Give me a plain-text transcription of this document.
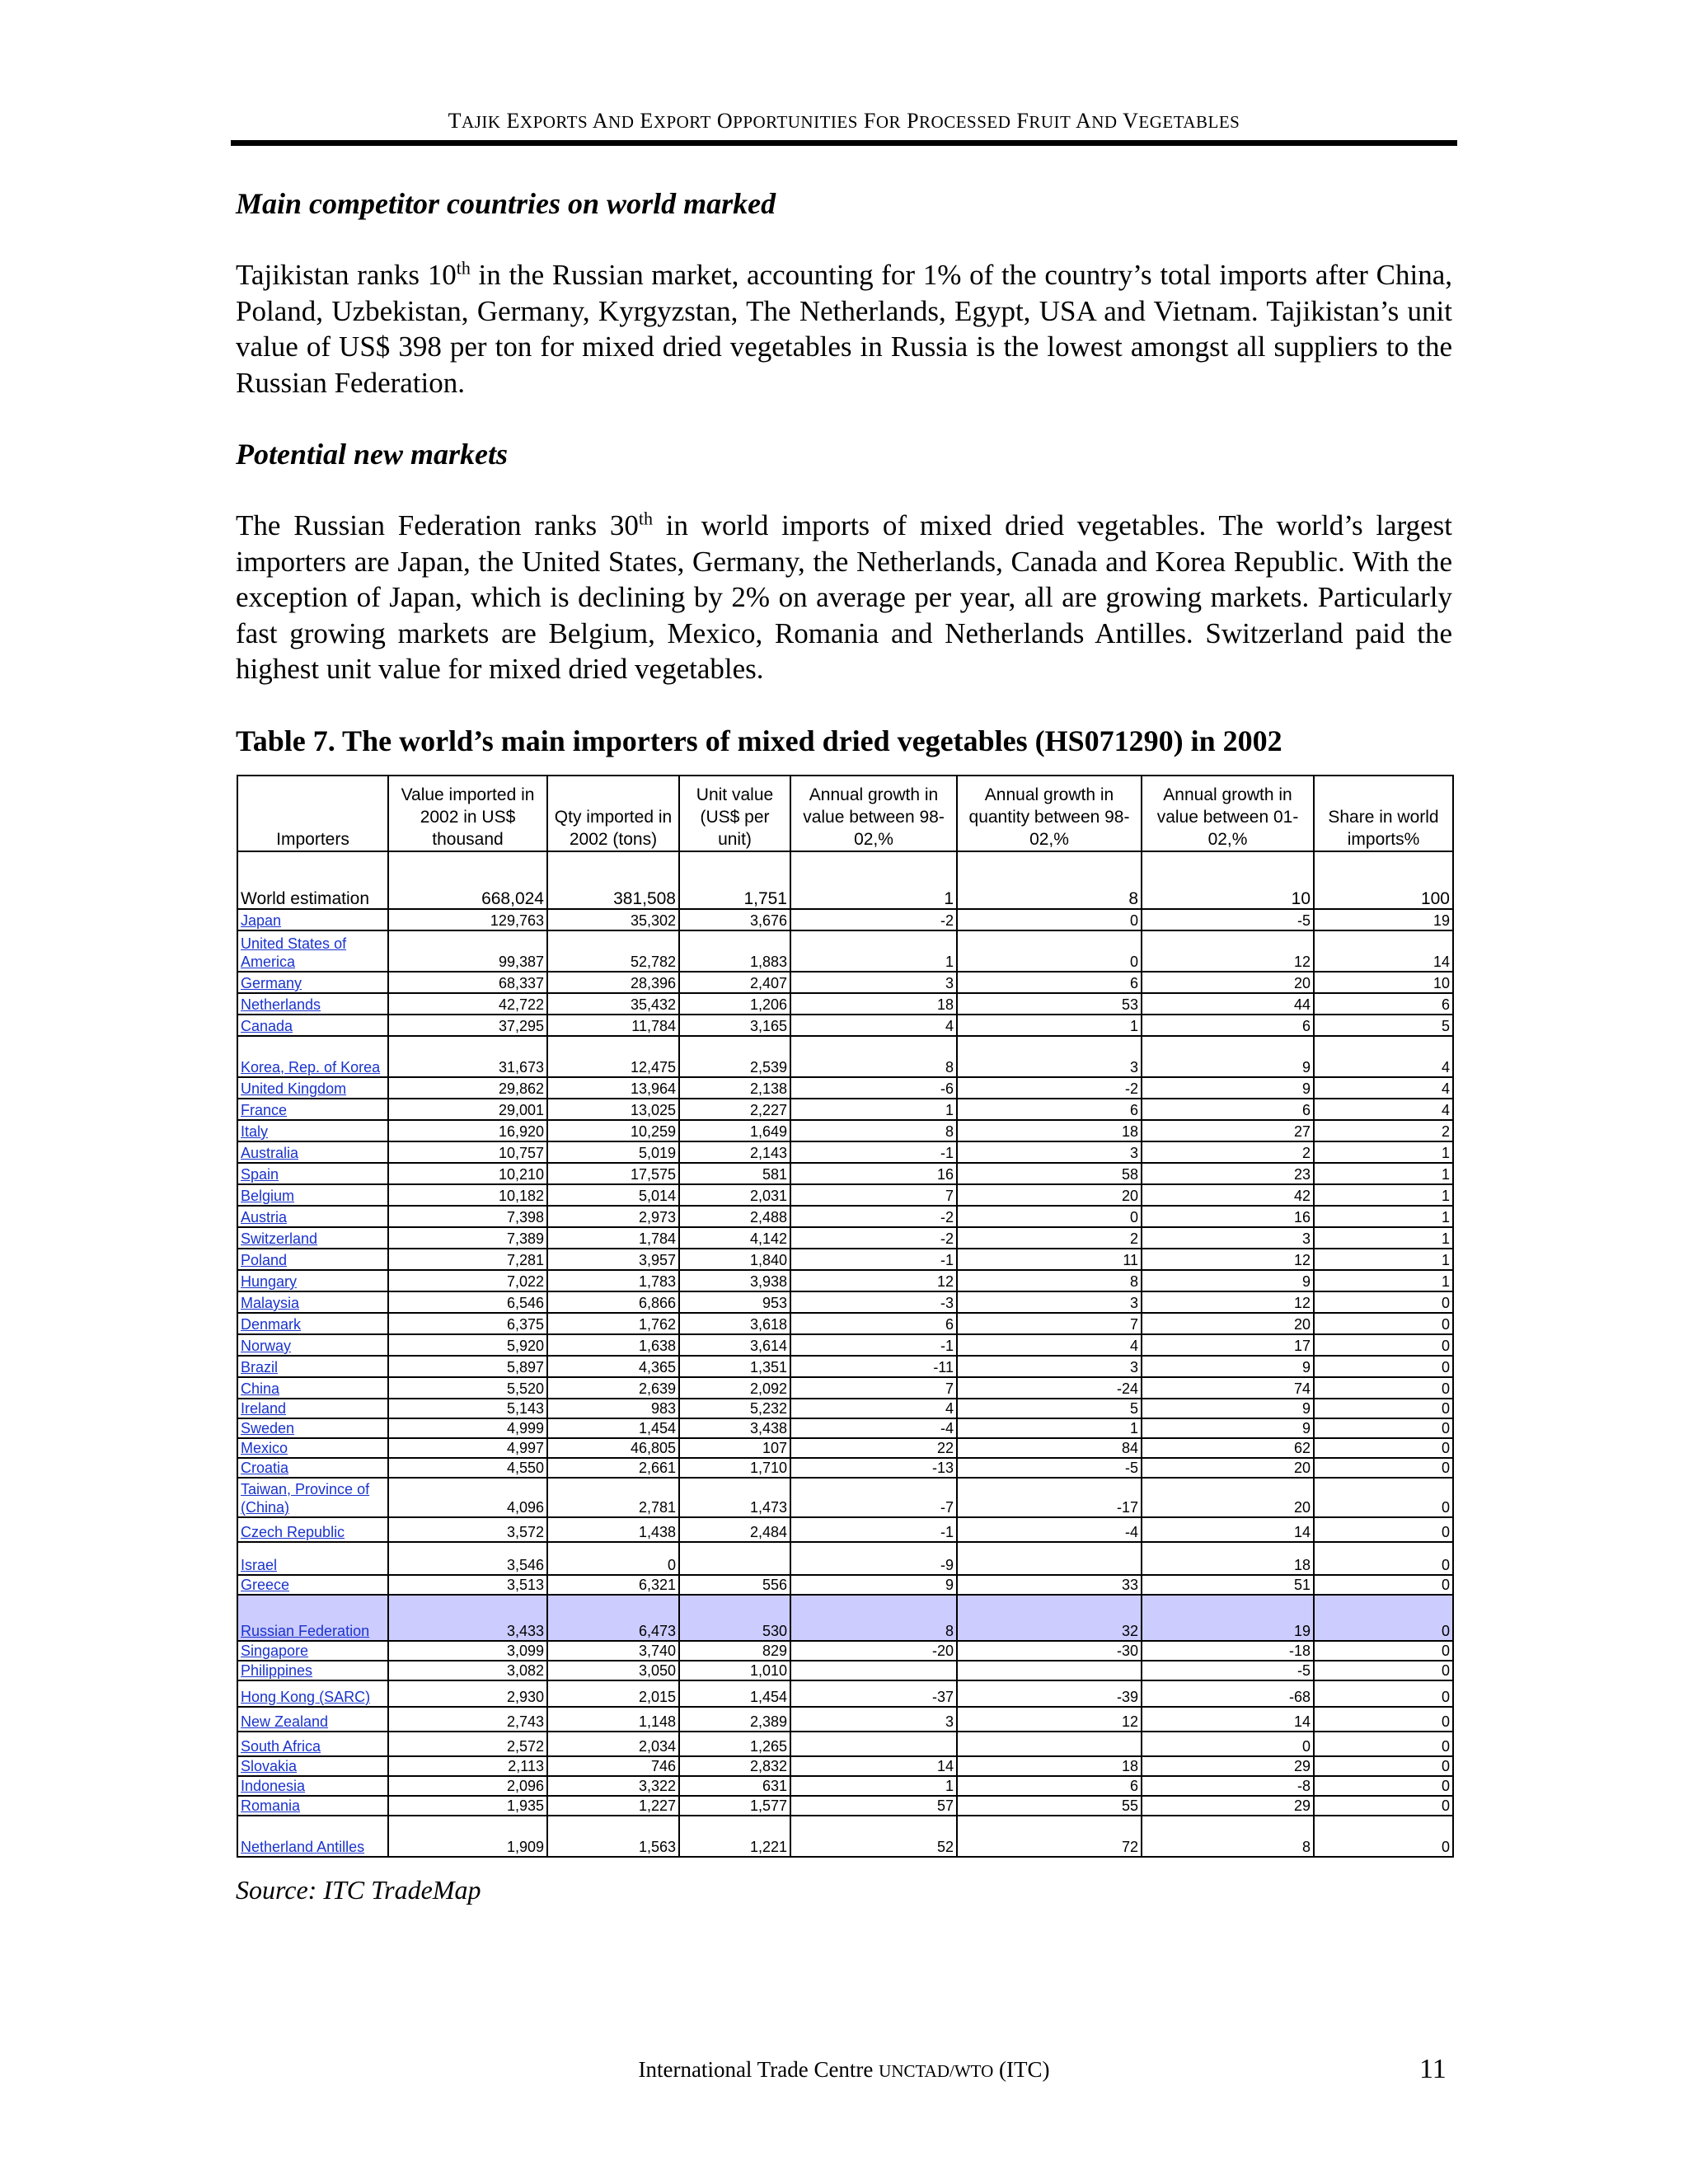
TAJIK EXPORTS AND EXPORT OPPORTUNITIES FOR PROCESSED FRUIT AND VEGETABLES
Main competitor countries on world marked
Tajikistan ranks 10th in the Russian market, accounting for 1% of the country’s total imports after China, Poland, Uzbekistan, Germany, Kyrgyzstan, The Netherlands, Egypt, USA and Vietnam. Tajikistan’s unit value of US$ 398 per ton for mixed dried vegetables in Russia is the lowest amongst all suppliers to the Russian Federation.
Potential new markets
The Russian Federation ranks 30th in world imports of mixed dried vegetables. The world’s largest importers are Japan, the United States, Germany, the Netherlands, Canada and Korea Republic. With the exception of Japan, which is declining by 2% on average per year, all are growing markets. Particularly fast growing markets are Belgium, Mexico, Romania and Netherlands Antilles. Switzerland paid the highest unit value for mixed dried vegetables.
Table 7. The world’s main importers of mixed dried vegetables (HS071290) in 2002
Importers	Value imported in 2002 in US$ thousand	Qty imported in 2002 (tons)	Unit value (US$ per unit)	Annual growth in value between 98-02,%	Annual growth in quantity between 98-02,%	Annual growth in value between 01-02,%	Share in world imports%
World estimation	668,024	381,508	1,751	1	8	10	100
Japan	129,763	35,302	3,676	-2	0	-5	19
United States of America	99,387	52,782	1,883	1	0	12	14
Germany	68,337	28,396	2,407	3	6	20	10
Netherlands	42,722	35,432	1,206	18	53	44	6
Canada	37,295	11,784	3,165	4	1	6	5
Korea, Rep. of Korea	31,673	12,475	2,539	8	3	9	4
United Kingdom	29,862	13,964	2,138	-6	-2	9	4
France	29,001	13,025	2,227	1	6	6	4
Italy	16,920	10,259	1,649	8	18	27	2
Australia	10,757	5,019	2,143	-1	3	2	1
Spain	10,210	17,575	581	16	58	23	1
Belgium	10,182	5,014	2,031	7	20	42	1
Austria	7,398	2,973	2,488	-2	0	16	1
Switzerland	7,389	1,784	4,142	-2	2	3	1
Poland	7,281	3,957	1,840	-1	11	12	1
Hungary	7,022	1,783	3,938	12	8	9	1
Malaysia	6,546	6,866	953	-3	3	12	0
Denmark	6,375	1,762	3,618	6	7	20	0
Norway	5,920	1,638	3,614	-1	4	17	0
Brazil	5,897	4,365	1,351	-11	3	9	0
China	5,520	2,639	2,092	7	-24	74	0
Ireland	5,143	983	5,232	4	5	9	0
Sweden	4,999	1,454	3,438	-4	1	9	0
Mexico	4,997	46,805	107	22	84	62	0
Croatia	4,550	2,661	1,710	-13	-5	20	0
Taiwan, Province of (China)	4,096	2,781	1,473	-7	-17	20	0
Czech Republic	3,572	1,438	2,484	-1	-4	14	0
Israel	3,546	0		-9		18	0
Greece	3,513	6,321	556	9	33	51	0
Russian Federation	3,433	6,473	530	8	32	19	0
Singapore	3,099	3,740	829	-20	-30	-18	0
Philippines	3,082	3,050	1,010			-5	0
Hong Kong (SARC)	2,930	2,015	1,454	-37	-39	-68	0
New Zealand	2,743	1,148	2,389	3	12	14	0
South Africa	2,572	2,034	1,265			0	0
Slovakia	2,113	746	2,832	14	18	29	0
Indonesia	2,096	3,322	631	1	6	-8	0
Romania	1,935	1,227	1,577	57	55	29	0
Netherland Antilles	1,909	1,563	1,221	52	72	8	0
Source: ITC TradeMap
International Trade Centre UNCTAD/WTO (ITC)	11
